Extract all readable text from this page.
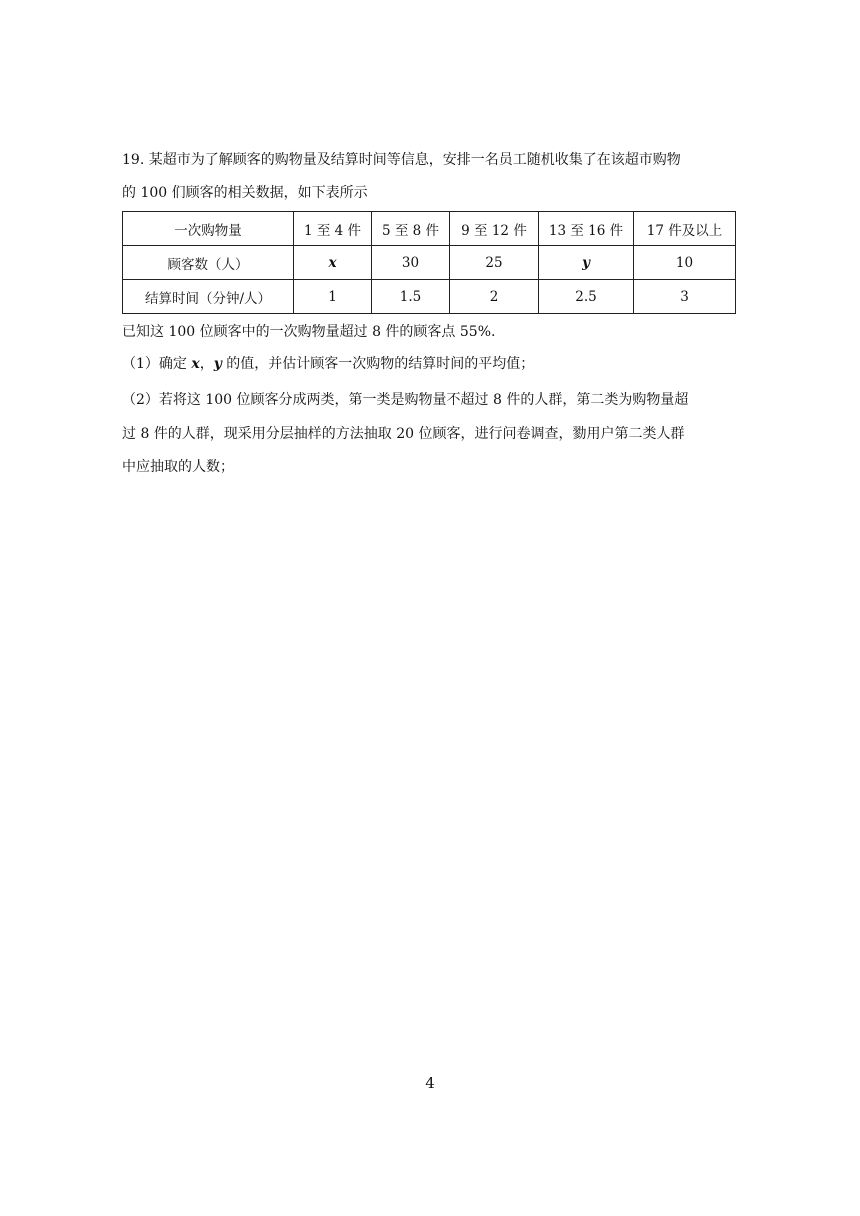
19. 某超市为了解顾客的购物量及结算时间等信息，安排一名员工随机收集了在该超市购物
的 100 们顾客的相关数据，如下表所示
一次购物量	1 至 4 件	5 至 8 件	9 至 12 件	13 至 16 件	17 件及以上
顾客数（人）	x	30	25	y	10
结算时间（分钟/人）	1	1.5	2	2.5	3
已知这 100 位顾客中的一次购物量超过 8 件的顾客点 55%.
（1）确定 x，y 的值，并估计顾客一次购物的结算时间的平均值；
（2）若将这 100 位顾客分成两类，第一类是购物量不超过 8 件的人群，第二类为购物量超
过 8 件的人群，现采用分层抽样的方法抽取 20 位顾客，进行问卷调查，勠用户第二类人群
中应抽取的人数；
4
